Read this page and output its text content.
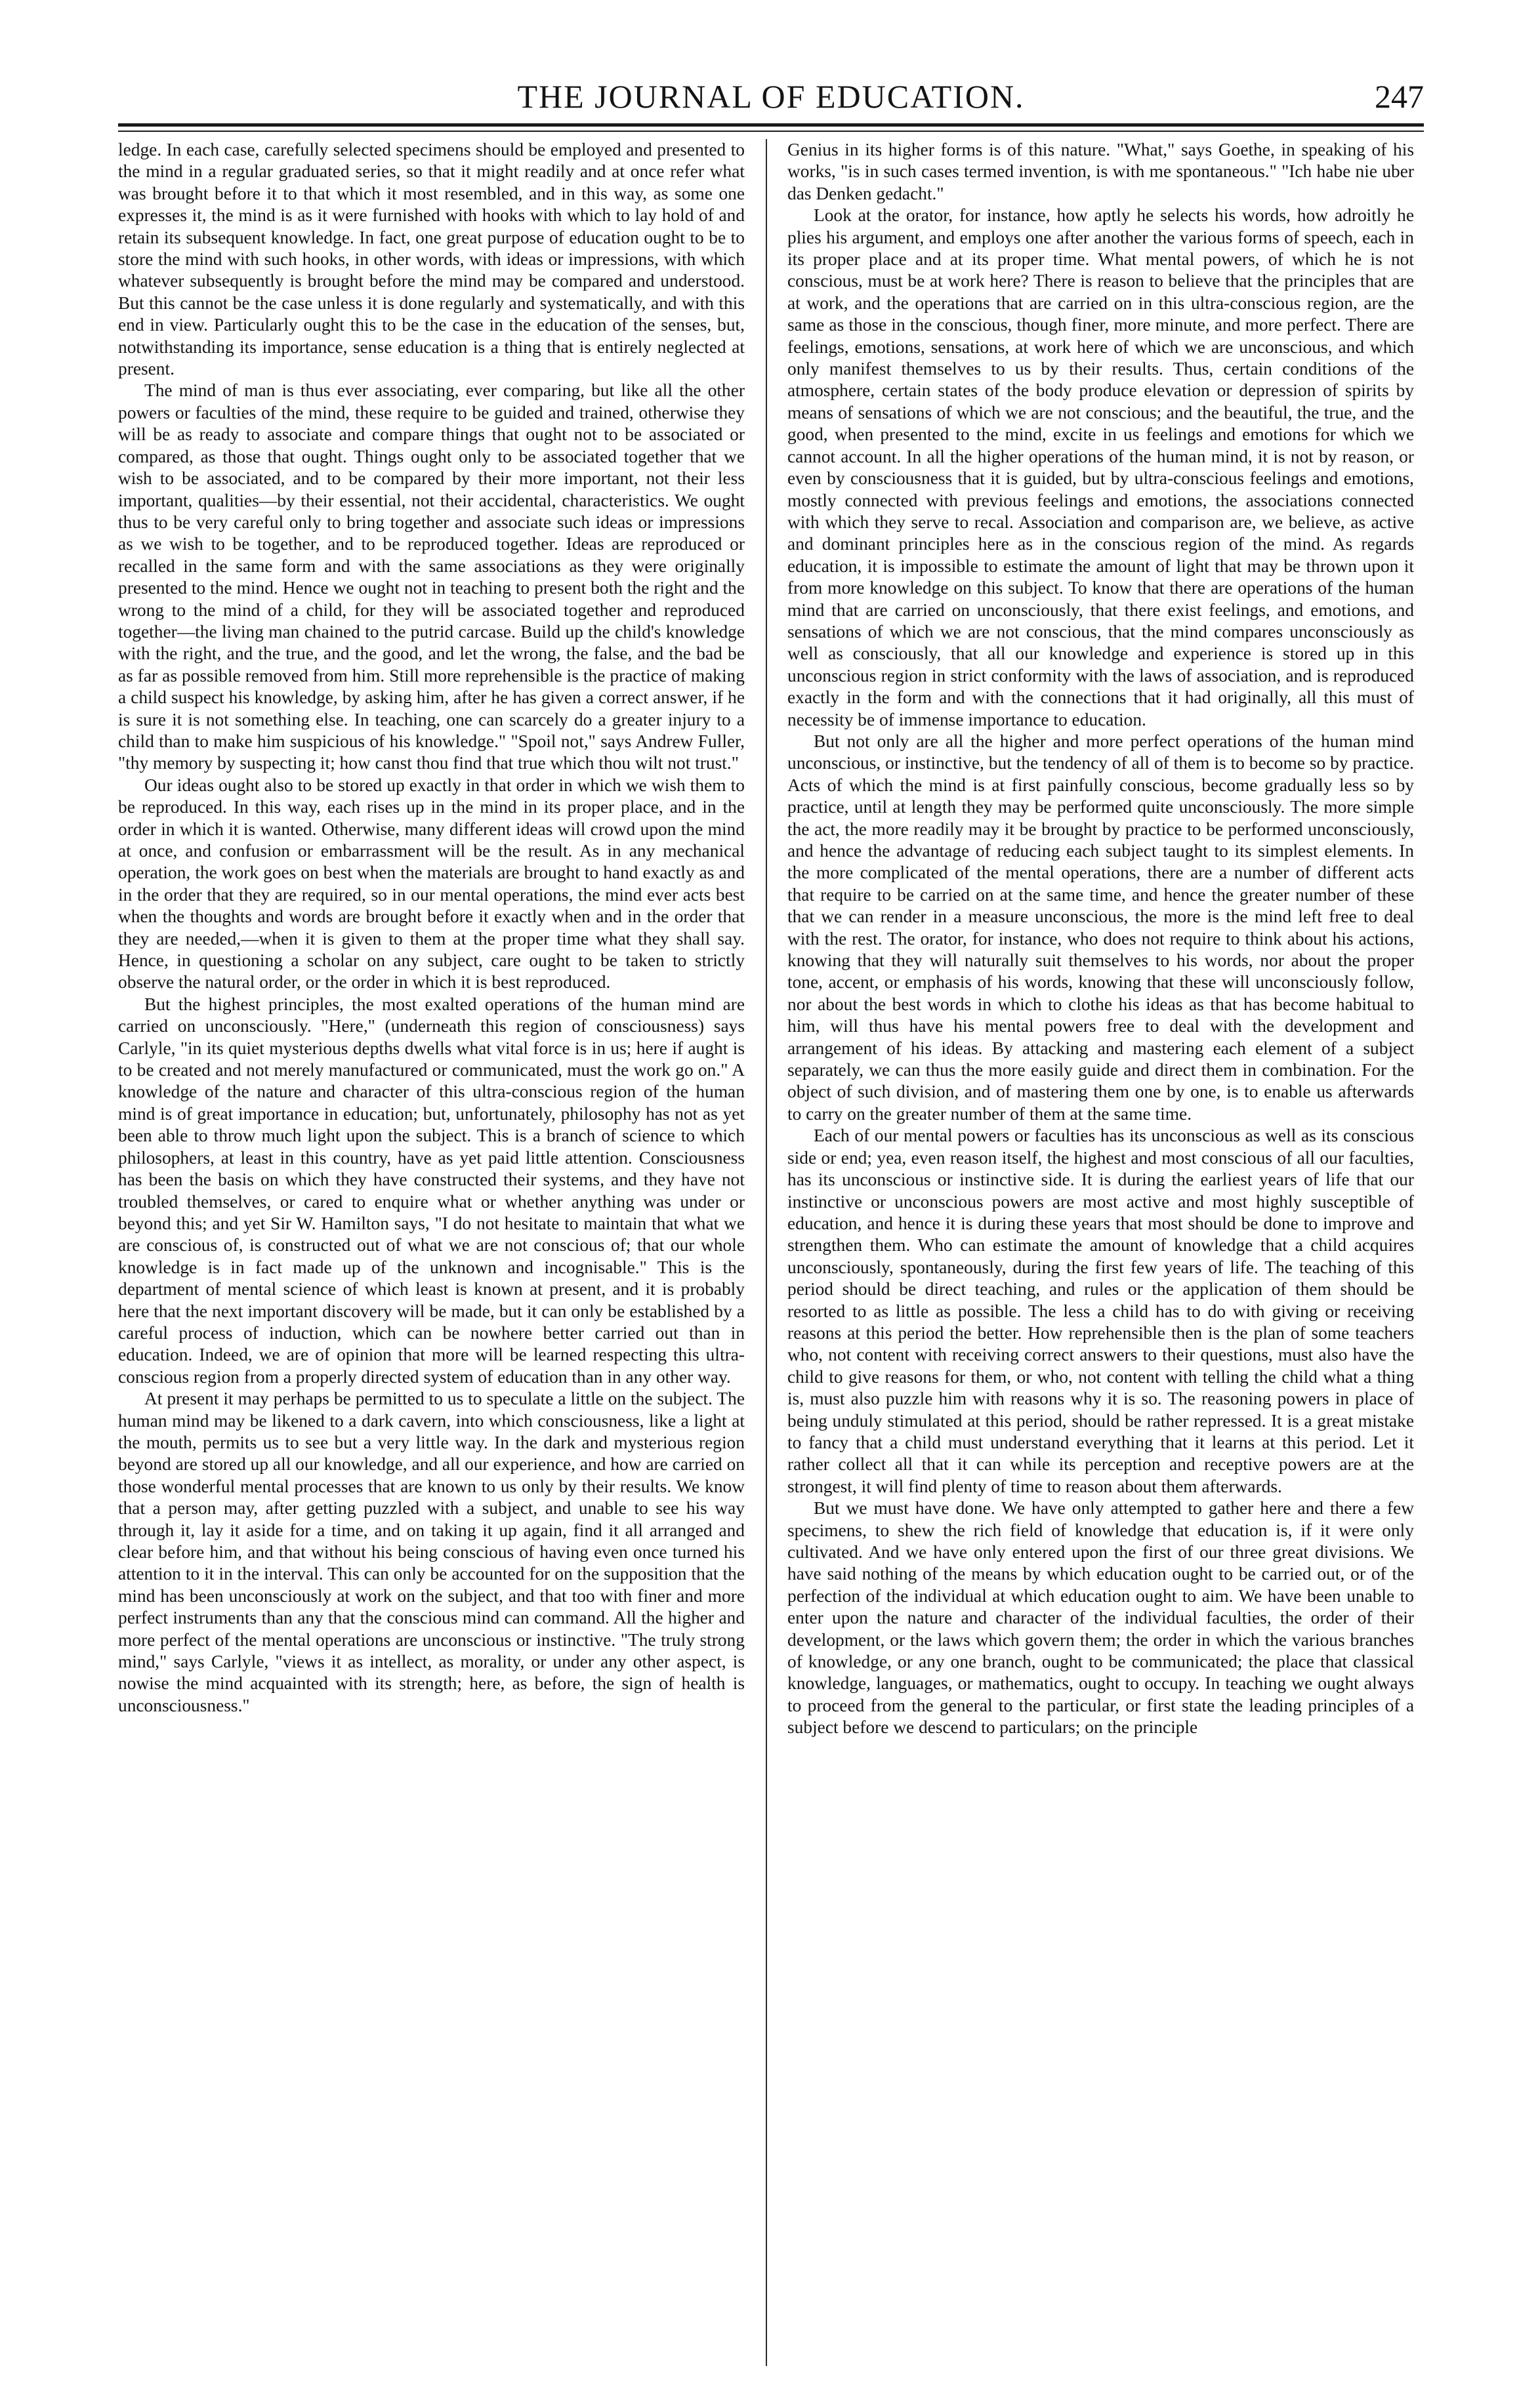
THE JOURNAL OF EDUCATION.	247

ledge. In each case, carefully selected specimens should be employed and presented to the mind in a regular graduated series, so that it might readily and at once refer what was brought before it to that which it most resembled, and in this way, as some one expresses it, the mind is as it were furnished with hooks with which to lay hold of and retain its subsequent knowledge. In fact, one great purpose of education ought to be to store the mind with such hooks, in other words, with ideas or impressions, with which whatever subsequently is brought before the mind may be compared and understood. But this cannot be the case unless it is done regularly and systematically, and with this end in view. Particularly ought this to be the case in the education of the senses, but, notwithstanding its importance, sense education is a thing that is entirely neglected at present.

The mind of man is thus ever associating, ever comparing, but like all the other powers or faculties of the mind, these require to be guided and trained, otherwise they will be as ready to associate and compare things that ought not to be associated or compared, as those that ought. Things ought only to be associated together that we wish to be associated, and to be compared by their more important, not their less important, qualities—by their essential, not their accidental, characteristics. We ought thus to be very careful only to bring together and associate such ideas or impressions as we wish to be together, and to be reproduced together. Ideas are reproduced or recalled in the same form and with the same associations as they were originally presented to the mind. Hence we ought not in teaching to present both the right and the wrong to the mind of a child, for they will be associated together and reproduced together—the living man chained to the putrid carcase. Build up the child's knowledge with the right, and the true, and the good, and let the wrong, the false, and the bad be as far as possible removed from him. Still more reprehensible is the practice of making a child suspect his knowledge, by asking him, after he has given a correct answer, if he is sure it is not something else. In teaching, one can scarcely do a greater injury to a child than to make him suspicious of his knowledge." "Spoil not," says Andrew Fuller, "thy memory by suspecting it; how canst thou find that true which thou wilt not trust."

Our ideas ought also to be stored up exactly in that order in which we wish them to be reproduced. In this way, each rises up in the mind in its proper place, and in the order in which it is wanted. Otherwise, many different ideas will crowd upon the mind at once, and confusion or embarrassment will be the result. As in any mechanical operation, the work goes on best when the materials are brought to hand exactly as and in the order that they are required, so in our mental operations, the mind ever acts best when the thoughts and words are brought before it exactly when and in the order that they are needed,—when it is given to them at the proper time what they shall say. Hence, in questioning a scholar on any subject, care ought to be taken to strictly observe the natural order, or the order in which it is best reproduced.

But the highest principles, the most exalted operations of the human mind are carried on unconsciously. "Here," (underneath this region of consciousness) says Carlyle, "in its quiet mysterious depths dwells what vital force is in us; here if aught is to be created and not merely manufactured or communicated, must the work go on." A knowledge of the nature and character of this ultra-conscious region of the human mind is of great importance in education; but, unfortunately, philosophy has not as yet been able to throw much light upon the subject. This is a branch of science to which philosophers, at least in this country, have as yet paid little attention. Consciousness has been the basis on which they have constructed their systems, and they have not troubled themselves, or cared to enquire what or whether anything was under or beyond this; and yet Sir W. Hamilton says, "I do not hesitate to maintain that what we are conscious of, is constructed out of what we are not conscious of; that our whole knowledge is in fact made up of the unknown and incognisable." This is the department of mental science of which least is known at present, and it is probably here that the next important discovery will be made, but it can only be established by a careful process of induction, which can be nowhere better carried out than in education. Indeed, we are of opinion that more will be learned respecting this ultra-conscious region from a properly directed system of education than in any other way.

At present it may perhaps be permitted to us to speculate a little on the subject. The human mind may be likened to a dark cavern, into which consciousness, like a light at the mouth, permits us to see but a very little way. In the dark and mysterious region beyond are stored up all our knowledge, and all our experience, and how are carried on those wonderful mental processes that are known to us only by their results. We know that a person may, after getting puzzled with a subject, and unable to see his way through it, lay it aside for a time, and on taking it up again, find it all arranged and clear before him, and that without his being conscious of having even once turned his attention to it in the interval. This can only be accounted for on the supposition that the mind has been unconsciously at work on the subject, and that too with finer and more perfect instruments than any that the conscious mind can command. All the higher and more perfect of the mental operations are unconscious or instinctive. "The truly strong mind," says Carlyle, "views it as intellect, as morality, or under any other aspect, is nowise the mind acquainted with its strength; here, as before, the sign of health is unconsciousness."

Genius in its higher forms is of this nature. "What," says Goethe, in speaking of his works, "is in such cases termed invention, is with me spontaneous." "Ich habe nie uber das Denken gedacht."

Look at the orator, for instance, how aptly he selects his words, how adroitly he plies his argument, and employs one after another the various forms of speech, each in its proper place and at its proper time. What mental powers, of which he is not conscious, must be at work here? There is reason to believe that the principles that are at work, and the operations that are carried on in this ultra-conscious region, are the same as those in the conscious, though finer, more minute, and more perfect. There are feelings, emotions, sensations, at work here of which we are unconscious, and which only manifest themselves to us by their results. Thus, certain conditions of the atmosphere, certain states of the body produce elevation or depression of spirits by means of sensations of which we are not conscious; and the beautiful, the true, and the good, when presented to the mind, excite in us feelings and emotions for which we cannot account. In all the higher operations of the human mind, it is not by reason, or even by consciousness that it is guided, but by ultra-conscious feelings and emotions, mostly connected with previous feelings and emotions, the associations connected with which they serve to recal. Association and comparison are, we believe, as active and dominant principles here as in the conscious region of the mind. As regards education, it is impossible to estimate the amount of light that may be thrown upon it from more knowledge on this subject. To know that there are operations of the human mind that are carried on unconsciously, that there exist feelings, and emotions, and sensations of which we are not conscious, that the mind compares unconsciously as well as consciously, that all our knowledge and experience is stored up in this unconscious region in strict conformity with the laws of association, and is reproduced exactly in the form and with the connections that it had originally, all this must of necessity be of immense importance to education.

But not only are all the higher and more perfect operations of the human mind unconscious, or instinctive, but the tendency of all of them is to become so by practice. Acts of which the mind is at first painfully conscious, become gradually less so by practice, until at length they may be performed quite unconsciously. The more simple the act, the more readily may it be brought by practice to be performed unconsciously, and hence the advantage of reducing each subject taught to its simplest elements. In the more complicated of the mental operations, there are a number of different acts that require to be carried on at the same time, and hence the greater number of these that we can render in a measure unconscious, the more is the mind left free to deal with the rest. The orator, for instance, who does not require to think about his actions, knowing that they will naturally suit themselves to his words, nor about the proper tone, accent, or emphasis of his words, knowing that these will unconsciously follow, nor about the best words in which to clothe his ideas as that has become habitual to him, will thus have his mental powers free to deal with the development and arrangement of his ideas. By attacking and mastering each element of a subject separately, we can thus the more easily guide and direct them in combination. For the object of such division, and of mastering them one by one, is to enable us afterwards to carry on the greater number of them at the same time.

Each of our mental powers or faculties has its unconscious as well as its conscious side or end; yea, even reason itself, the highest and most conscious of all our faculties, has its unconscious or instinctive side. It is during the earliest years of life that our instinctive or unconscious powers are most active and most highly susceptible of education, and hence it is during these years that most should be done to improve and strengthen them. Who can estimate the amount of knowledge that a child acquires unconsciously, spontaneously, during the first few years of life. The teaching of this period should be direct teaching, and rules or the application of them should be resorted to as little as possible. The less a child has to do with giving or receiving reasons at this period the better. How reprehensible then is the plan of some teachers who, not content with receiving correct answers to their questions, must also have the child to give reasons for them, or who, not content with telling the child what a thing is, must also puzzle him with reasons why it is so. The reasoning powers in place of being unduly stimulated at this period, should be rather repressed. It is a great mistake to fancy that a child must understand everything that it learns at this period. Let it rather collect all that it can while its perception and receptive powers are at the strongest, it will find plenty of time to reason about them afterwards.

But we must have done. We have only attempted to gather here and there a few specimens, to shew the rich field of knowledge that education is, if it were only cultivated. And we have only entered upon the first of our three great divisions. We have said nothing of the means by which education ought to be carried out, or of the perfection of the individual at which education ought to aim. We have been unable to enter upon the nature and character of the individual faculties, the order of their development, or the laws which govern them; the order in which the various branches of knowledge, or any one branch, ought to be communicated; the place that classical knowledge, languages, or mathematics, ought to occupy. In teaching we ought always to proceed from the general to the particular, or first state the leading principles of a subject before we descend to particulars; on the principle
